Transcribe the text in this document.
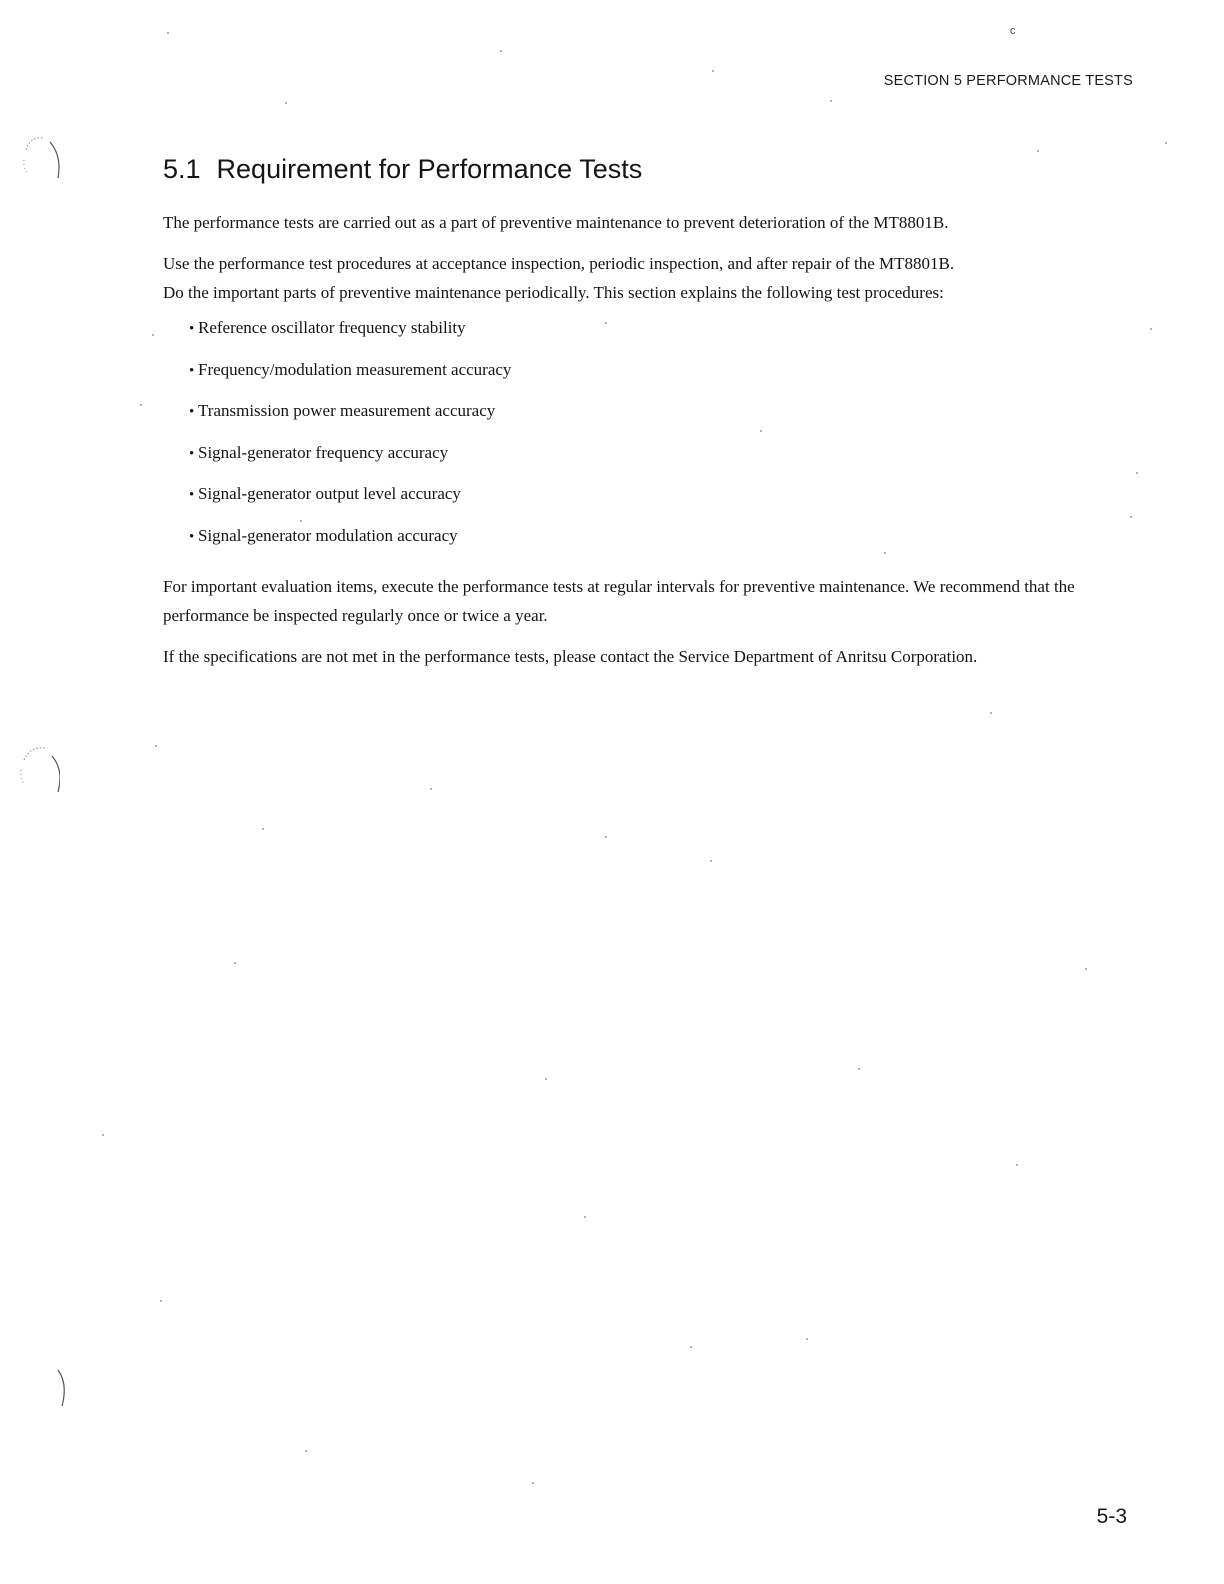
c
SECTION 5 PERFORMANCE TESTS
5.1 Requirement for Performance Tests

The performance tests are carried out as a part of preventive maintenance to prevent deterioration of the MT8801B.

Use the performance test procedures at acceptance inspection, periodic inspection, and after repair of the MT8801B.

Do the important parts of preventive maintenance periodically. This section explains the following test procedures:

• Reference oscillator frequency stability
• Frequency/modulation measurement accuracy
• Transmission power measurement accuracy
• Signal-generator frequency accuracy
• Signal-generator output level accuracy
• Signal-generator modulation accuracy

For important evaluation items, execute the performance tests at regular intervals for preventive maintenance. We recommend that the performance be inspected regularly once or twice a year.

If the specifications are not met in the performance tests, please contact the Service Department of Anritsu Corporation.

5-3
